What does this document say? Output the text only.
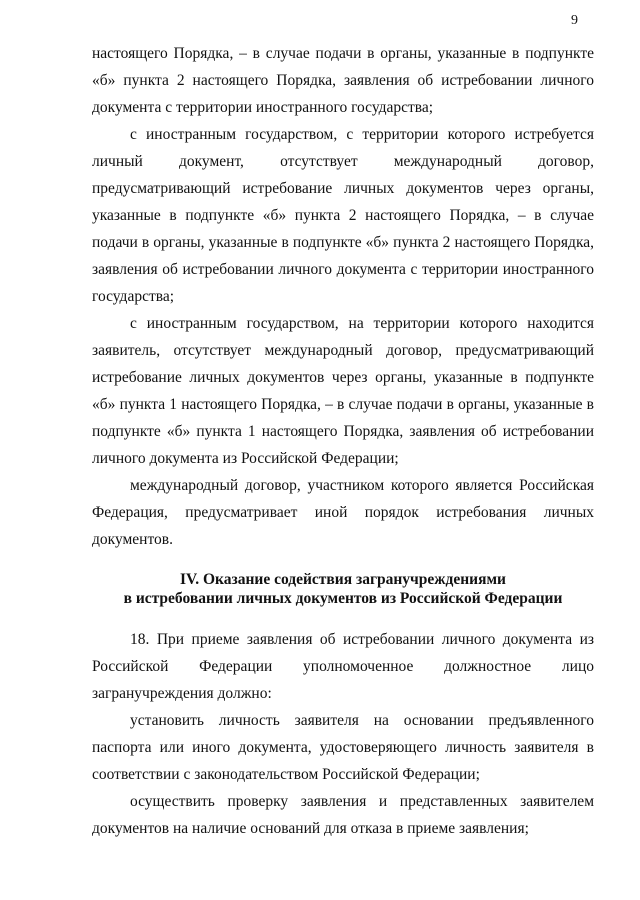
9

настоящего Порядка, – в случае подачи в органы, указанные в подпункте «б» пункта 2 настоящего Порядка, заявления об истребовании личного документа с территории иностранного государства;

с иностранным государством, с территории которого истребуется личный документ, отсутствует международный договор, предусматривающий истребование личных документов через органы, указанные в подпункте «б» пункта 2 настоящего Порядка, – в случае подачи в органы, указанные в подпункте «б» пункта 2 настоящего Порядка, заявления об истребовании личного документа с территории иностранного государства;

с иностранным государством, на территории которого находится заявитель, отсутствует международный договор, предусматривающий истребование личных документов через органы, указанные в подпункте «б» пункта 1 настоящего Порядка, – в случае подачи в органы, указанные в подпункте «б» пункта 1 настоящего Порядка, заявления об истребовании личного документа из Российской Федерации;

международный договор, участником которого является Российская Федерация, предусматривает иной порядок истребования личных документов.

IV. Оказание содействия загранучреждениями
в истребовании личных документов из Российской Федерации

18. При приеме заявления об истребовании личного документа из Российской Федерации уполномоченное должностное лицо загранучреждения должно:

установить личность заявителя на основании предъявленного паспорта или иного документа, удостоверяющего личность заявителя в соответствии с законодательством Российской Федерации;

осуществить проверку заявления и представленных заявителем документов на наличие оснований для отказа в приеме заявления;
